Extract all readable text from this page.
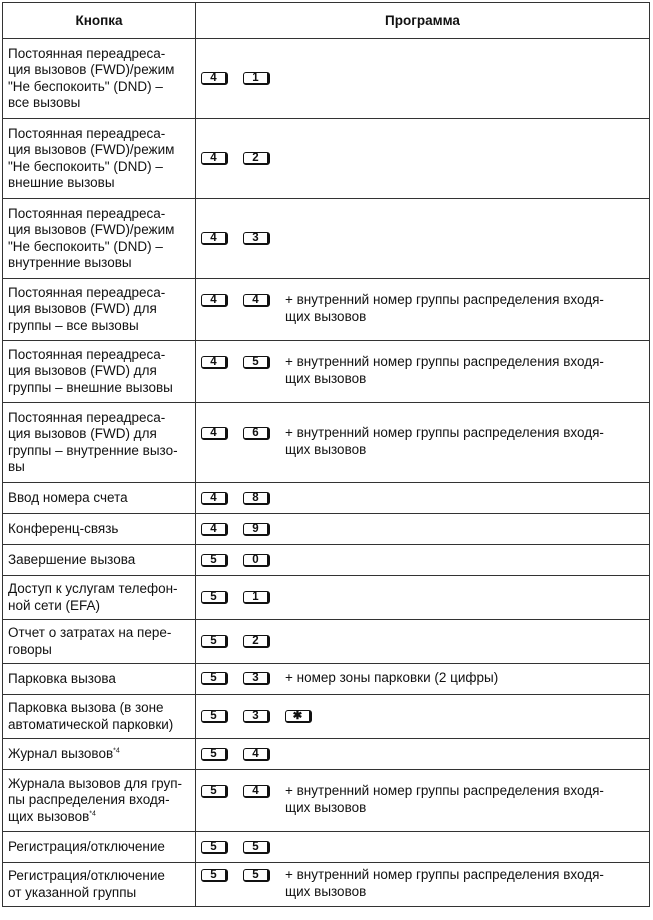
Кнопка	Программа
Постоянная переадреса-
ция вызовов (FWD)/режим
"Не беспокоить" (DND) –
все вызовы	4 1

Постоянная переадреса-
ция вызовов (FWD)/режим
"Не беспокоить" (DND) –
внешние вызовы	4 2

Постоянная переадреса-
ция вызовов (FWD)/режим
"Не беспокоить" (DND) –
внутренние вызовы	4 3

Постоянная переадреса-
ция вызовов (FWD) для
группы – все вызовы	4 4 + внутренний номер группы распределения входя-
щих вызовов

Постоянная переадреса-
ция вызовов (FWD) для
группы – внешние вызовы	4 5 + внутренний номер группы распределения входя-
щих вызовов

Постоянная переадреса-
ция вызовов (FWD) для
группы – внутренние вызо-
вы	4 6 + внутренний номер группы распределения входя-
щих вызовов

Ввод номера счета	4 8

Конференц-связь	4 9

Завершение вызова	5 0

Доступ к услугам телефон-
ной сети (EFA)	5 1

Отчет о затратах на пере-
говоры	5 2

Парковка вызова	5 3 + номер зоны парковки (2 цифры)

Парковка вызова (в зоне
автоматической парковки)	5 3 ✱

Журнал вызовов$^{*4}$	5 4

Журнала вызовов для груп-
пы распределения входя-
щих вызовов$^{*4}$	5 4 + внутренний номер группы распределения входя-
щих вызовов

Регистрация/отключение	5 5

Регистрация/отключение
от указанной группы	5 5 + внутренний номер группы распределения входя-
щих вызовов
